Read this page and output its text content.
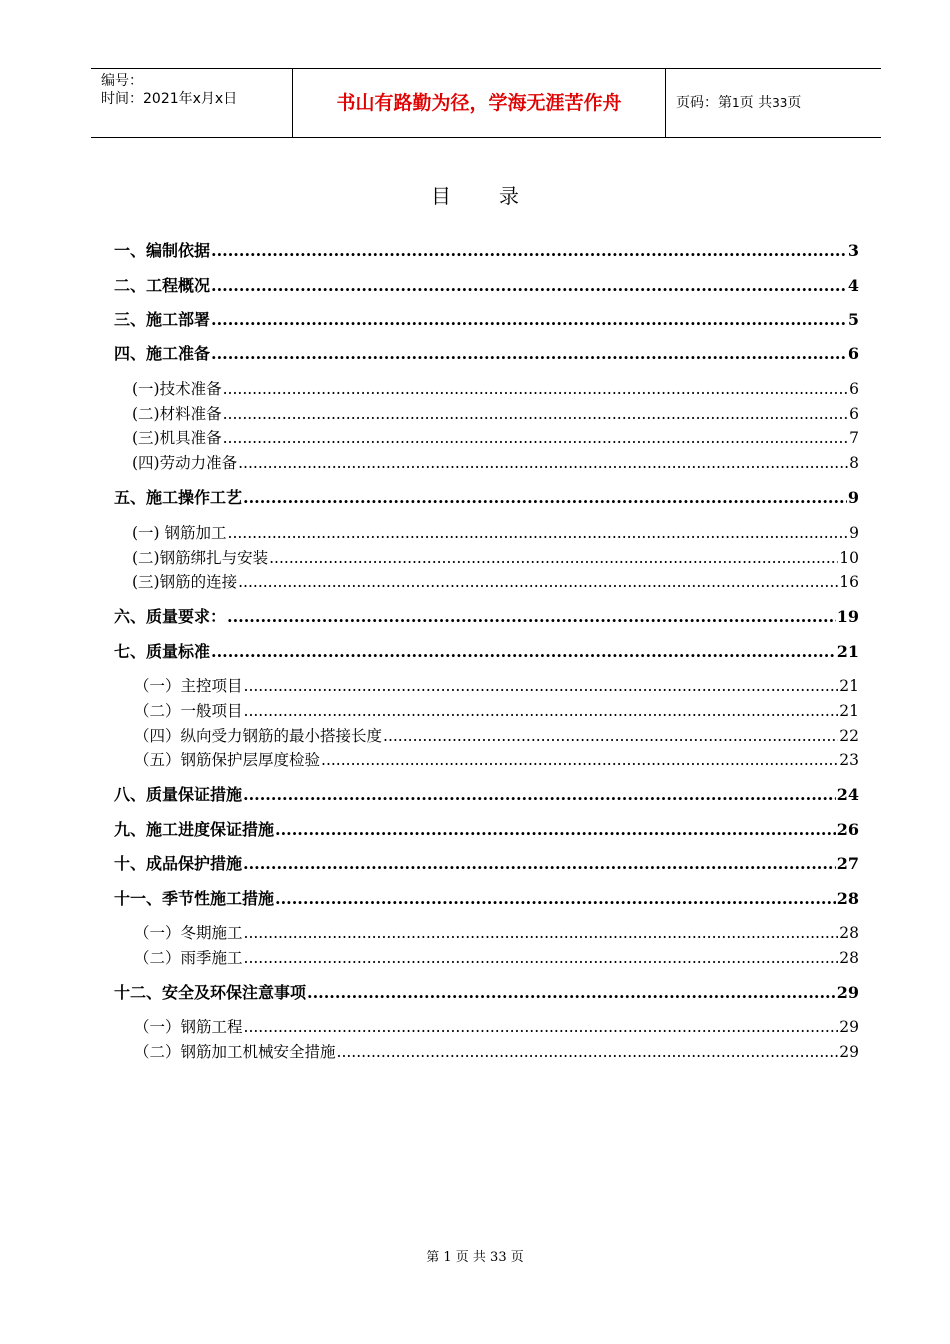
编号：
时间：2021年x月x日	书山有路勤为径，学海无涯苦作舟	页码：第1页 共33页
目 录
一、编制依据 .....	3
二、工程概况 .....	4
三、施工部署 .....	5
四、施工准备 .....	6
(一)技术准备 .....	6
(二)材料准备 .....	6
(三)机具准备 .....	7
(四)劳动力准备 .....	8
五、施工操作工艺 .....	9
(一) 钢筋加工 .....	9
(二)钢筋绑扎与安装 .....	10
(三)钢筋的连接 .....	16
六、质量要求： .....	19
七、质量标准 .....	21
（一）主控项目 .....	21
（二）一般项目 .....	21
（四）纵向受力钢筋的最小搭接长度 .....	22
（五）钢筋保护层厚度检验 .....	23
八、质量保证措施 .....	24
九、施工进度保证措施 .....	26
十、成品保护措施 .....	27
十一、季节性施工措施 .....	28
（一）冬期施工 .....	28
（二）雨季施工 .....	28
十二、安全及环保注意事项 .....	29
（一）钢筋工程 .....	29
（二）钢筋加工机械安全措施 .....	29
第 1 页 共 33 页
